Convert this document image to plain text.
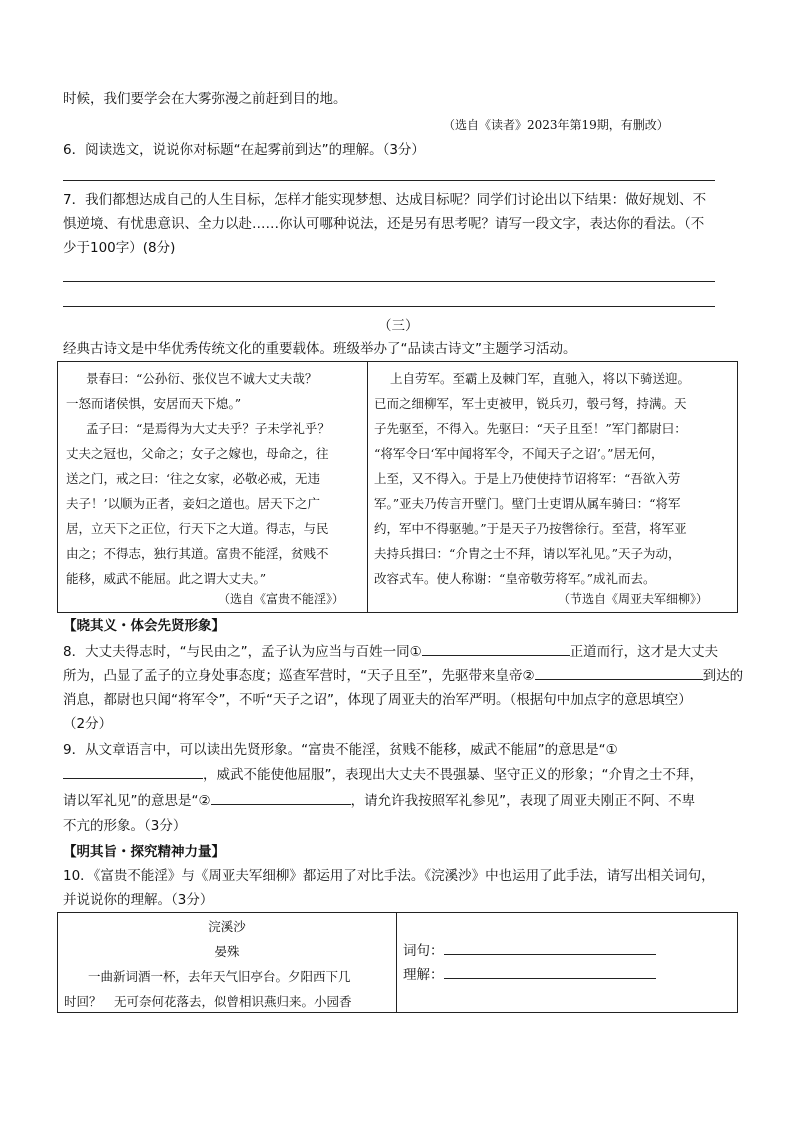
时候，我们要学会在大雾弥漫之前赶到目的地。
（选自《读者》2023年第19期，有删改）
6．阅读选文，说说你对标题“在起雾前到达”的理解。（3分）
7．我们都想达成自己的人生目标，怎样才能实现梦想、达成目标呢？同学们讨论出以下结果：做好规划、不
惧逆境、有忧患意识、全力以赴……你认可哪种说法，还是另有思考呢？请写一段文字，表达你的看法。（不
少于100字）(8分)
（三）
经典古诗文是中华优秀传统文化的重要载体。班级举办了“品读古诗文”主题学习活动。
景春曰：“公孙衍、张仪岂不诚大丈夫哉？
一怒而诸侯惧，安居而天下熄。”
孟子曰：“是焉得为大丈夫乎？子未学礼乎？
丈夫之冠也，父命之；女子之嫁也，母命之，往
送之门，戒之曰：‘往之女家，必敬必戒，无违
夫子！’以顺为正者，妾妇之道也。居天下之广
居，立天下之正位，行天下之大道。得志，与民
由之；不得志，独行其道。富贵不能淫，贫贱不
能移，威武不能屈。此之谓大丈夫。”
（选自《富贵不能淫》）
上自劳军。至霸上及棘门军，直驰入，将以下骑送迎。
已而之细柳军，军士吏被甲，锐兵刃，彀弓弩，持满。天
子先驱至，不得入。先驱曰：“天子且至！”军门都尉曰：
“将军令曰‘军中闻将军令，不闻天子之诏’。”居无何，
上至，又不得入。于是上乃使使持节诏将军：“吾欲入劳
军。”亚夫乃传言开壁门。壁门士吏谓从属车骑曰：“将军
约，军中不得驱驰。”于是天子乃按辔徐行。至营，将军亚
夫持兵揖曰：“介胄之士不拜，请以军礼见。”天子为动，
改容式车。使人称谢：“皇帝敬劳将军。”成礼而去。
（节选自《周亚夫军细柳》）
【晓其义・体会先贤形象】
8．大丈夫得志时，“与民由之”，孟子认为应当与百姓一同①	正道而行，这才是大丈夫
所为，凸显了孟子的立身处事态度；巡查军营时，“天子且至”，先驱带来皇帝②	到达的
消息，都尉也只闻“将军令”，不听“天子之诏”，体现了周亚夫的治军严明。（根据句中加点字的意思填空）
（2分）
9．从文章语言中，可以读出先贤形象。“富贵不能淫，贫贱不能移，威武不能屈”的意思是“①
，威武不能使他屈服”，表现出大丈夫不畏强暴、坚守正义的形象；“介胄之士不拜，
请以军礼见”的意思是“②	，请允许我按照军礼参见”，表现了周亚夫刚正不阿、不卑
不亢的形象。（3分）
【明其旨・探究精神力量】
10．《富贵不能淫》与《周亚夫军细柳》都运用了对比手法。《浣溪沙》中也运用了此手法，请写出相关词句，
并说说你的理解。（3分）
浣溪沙
晏殊
一曲新词酒一杯，去年天气旧亭台。夕阳西下几
时回？　无可奈何花落去，似曾相识燕归来。小园香
词句：
理解：
